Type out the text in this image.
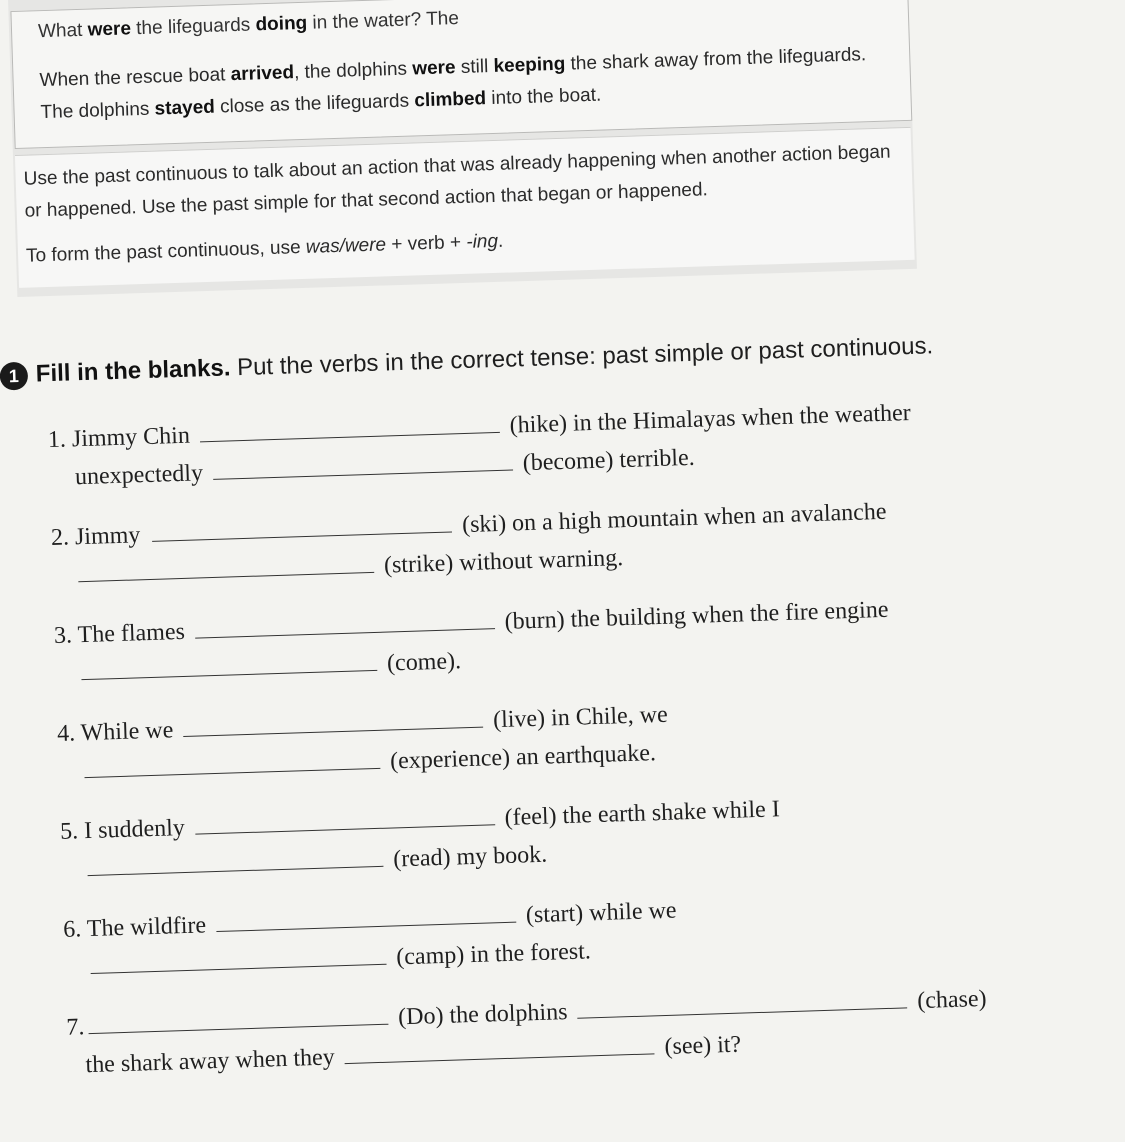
What were the lifeguards doing in the water? The
When the rescue boat arrived, the dolphins were still keeping the shark away from the lifeguards. The dolphins stayed close as the lifeguards climbed into the boat.
Use the past continuous to talk about an action that was already happening when another action began or happened. Use the past simple for that second action that began or happened.
To form the past continuous, use was/were + verb + -ing.
1 Fill in the blanks. Put the verbs in the correct tense: past simple or past continuous.
1. Jimmy Chin	(hike) in the Himalayas when the weather
unexpectedly	(become) terrible.
2. Jimmy	(ski) on a high mountain when an avalanche
(strike) without warning.
3. The flames	(burn) the building when the fire engine
(come).
4. While we	(live) in Chile, we
(experience) an earthquake.
5. I suddenly	(feel) the earth shake while I
(read) my book.
6. The wildfire	(start) while we
(camp) in the forest.
7.	(Do) the dolphins	(chase)
the shark away when they	(see) it?
